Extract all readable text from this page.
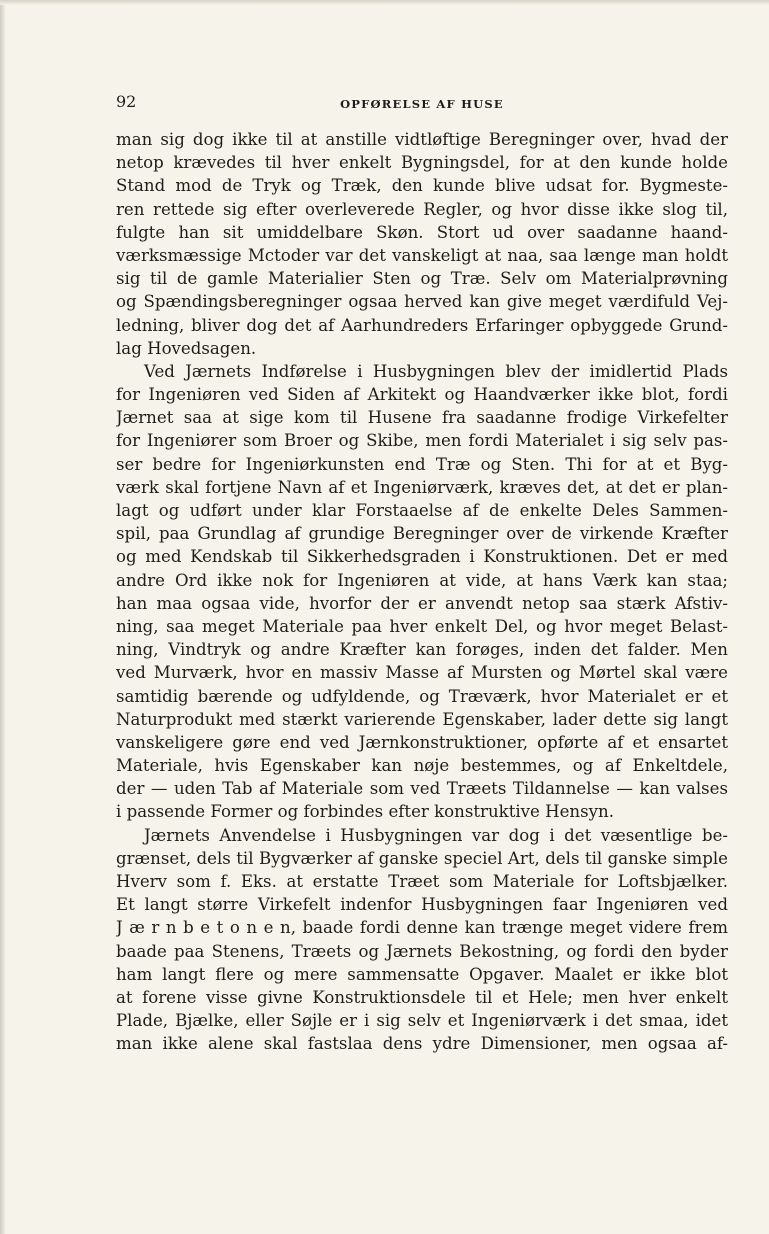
92	OPFØRELSE AF HUSE
man sig dog ikke til at anstille vidtløftige Beregninger over, hvad der
netop krævedes til hver enkelt Bygningsdel, for at den kunde holde
Stand mod de Tryk og Træk, den kunde blive udsat for. Bygmeste-
ren rettede sig efter overleverede Regler, og hvor disse ikke slog til,
fulgte han sit umiddelbare Skøn. Stort ud over saadanne haand-
værksmæssige Mctoder var det vanskeligt at naa, saa længe man holdt
sig til de gamle Materialier Sten og Træ. Selv om Materialprøvning
og Spændingsberegninger ogsaa herved kan give meget værdifuld Vej-
ledning, bliver dog det af Aarhundreders Erfaringer opbyggede Grund-
lag Hovedsagen.
Ved Jærnets Indførelse i Husbygningen blev der imidlertid Plads
for Ingeniøren ved Siden af Arkitekt og Haandværker ikke blot, fordi
Jærnet saa at sige kom til Husene fra saadanne frodige Virkefelter
for Ingeniører som Broer og Skibe, men fordi Materialet i sig selv pas-
ser bedre for Ingeniørkunsten end Træ og Sten. Thi for at et Byg-
værk skal fortjene Navn af et Ingeniørværk, kræves det, at det er plan-
lagt og udført under klar Forstaaelse af de enkelte Deles Sammen-
spil, paa Grundlag af grundige Beregninger over de virkende Kræfter
og med Kendskab til Sikkerhedsgraden i Konstruktionen. Det er med
andre Ord ikke nok for Ingeniøren at vide, at hans Værk kan staa;
han maa ogsaa vide, hvorfor der er anvendt netop saa stærk Afstiv-
ning, saa meget Materiale paa hver enkelt Del, og hvor meget Belast-
ning, Vindtryk og andre Kræfter kan forøges, inden det falder. Men
ved Murværk, hvor en massiv Masse af Mursten og Mørtel skal være
samtidig bærende og udfyldende, og Træværk, hvor Materialet er et
Naturprodukt med stærkt varierende Egenskaber, lader dette sig langt
vanskeligere gøre end ved Jærnkonstruktioner, opførte af et ensartet
Materiale, hvis Egenskaber kan nøje bestemmes, og af Enkeltdele,
der — uden Tab af Materiale som ved Træets Tildannelse — kan valses
i passende Former og forbindes efter konstruktive Hensyn.
Jærnets Anvendelse i Husbygningen var dog i det væsentlige be-
grænset, dels til Bygværker af ganske speciel Art, dels til ganske simple
Hverv som f. Eks. at erstatte Træet som Materiale for Loftsbjælker.
Et langt større Virkefelt indenfor Husbygningen faar Ingeniøren ved
J æ r n b e t o n e n, baade fordi denne kan trænge meget videre frem
baade paa Stenens, Træets og Jærnets Bekostning, og fordi den byder
ham langt flere og mere sammensatte Opgaver. Maalet er ikke blot
at forene visse givne Konstruktionsdele til et Hele; men hver enkelt
Plade, Bjælke, eller Søjle er i sig selv et Ingeniørværk i det smaa, idet
man ikke alene skal fastslaa dens ydre Dimensioner, men ogsaa af-
